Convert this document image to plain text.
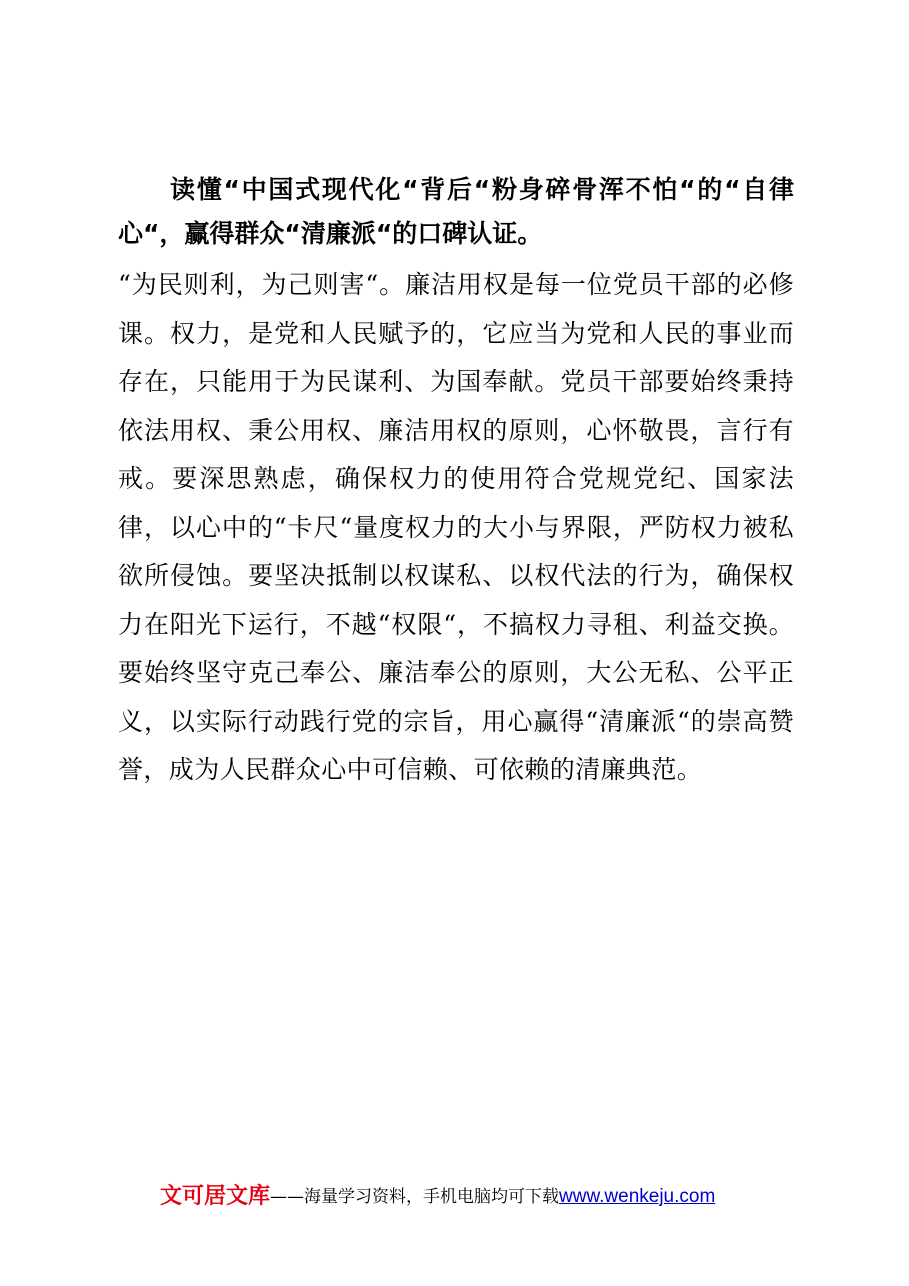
读懂“中国式现代化“背后“粉身碎骨浑不怕“的“自律心“，赢得群众“清廉派“的口碑认证。

“为民则利，为己则害“。廉洁用权是每一位党员干部的必修课。权力，是党和人民赋予的，它应当为党和人民的事业而存在，只能用于为民谋利、为国奉献。党员干部要始终秉持依法用权、秉公用权、廉洁用权的原则，心怀敬畏，言行有戒。要深思熟虑，确保权力的使用符合党规党纪、国家法律，以心中的“卡尺“量度权力的大小与界限，严防权力被私欲所侵蚀。要坚决抵制以权谋私、以权代法的行为，确保权力在阳光下运行，不越“权限“，不搞权力寻租、利益交换。要始终坚守克己奉公、廉洁奉公的原则，大公无私、公平正义，以实际行动践行党的宗旨，用心赢得“清廉派“的崇高赞誉，成为人民群众心中可信赖、可依赖的清廉典范。

文可居文库——海量学习资料，手机电脑均可下载www.wenkeju.com
